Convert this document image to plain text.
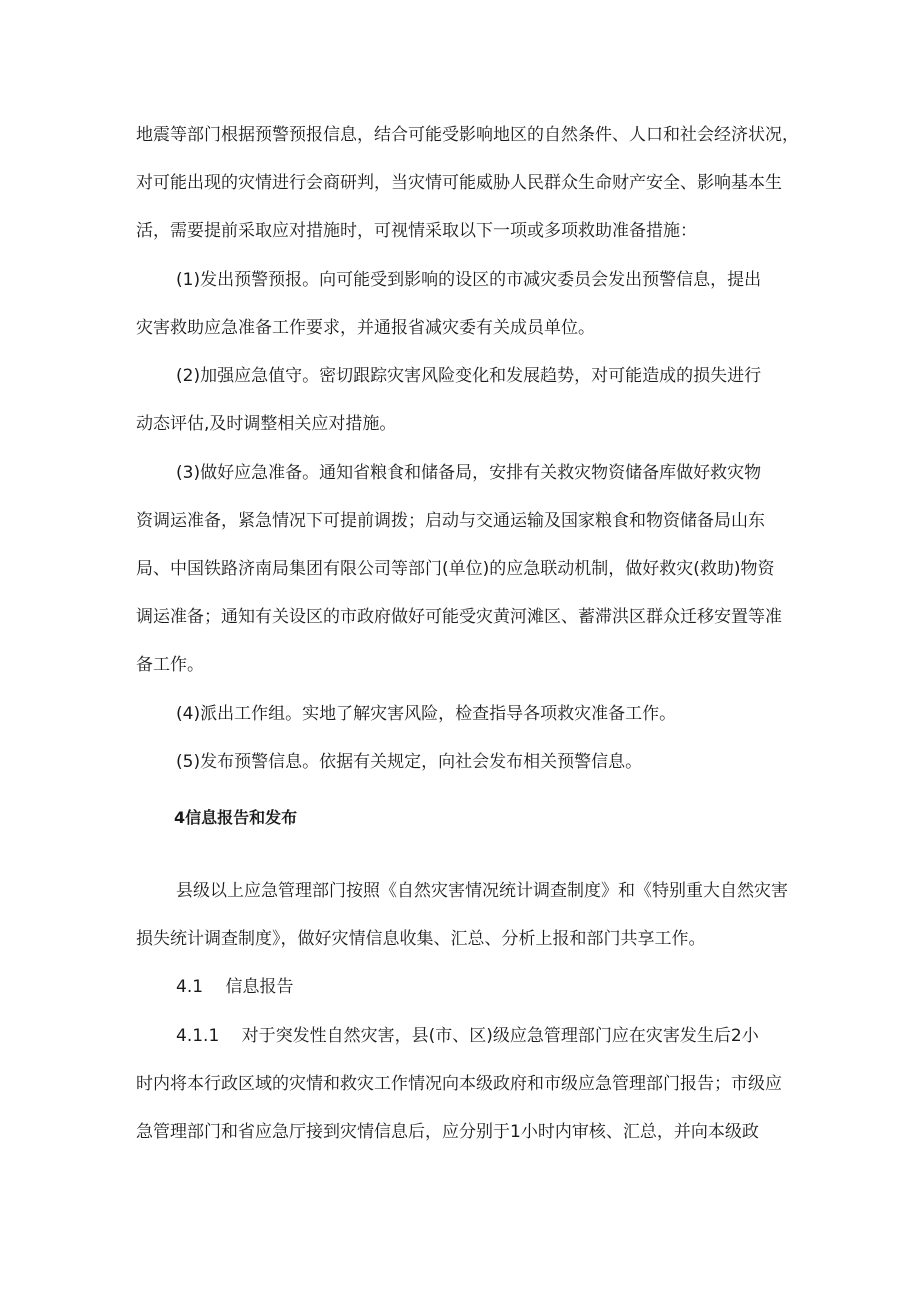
地震等部门根据预警预报信息，结合可能受影响地区的自然条件、人口和社会经济状况，

对可能出现的灾情进行会商研判，当灾情可能威胁人民群众生命财产安全、影响基本生

活，需要提前采取应对措施时，可视情采取以下一项或多项救助准备措施：

(1)发出预警预报。向可能受到影响的设区的市减灾委员会发出预警信息，提出

灾害救助应急准备工作要求，并通报省减灾委有关成员单位。

(2)加强应急值守。密切跟踪灾害风险变化和发展趋势，对可能造成的损失进行

动态评估,及时调整相关应对措施。

(3)做好应急准备。通知省粮食和储备局，安排有关救灾物资储备库做好救灾物

资调运准备，紧急情况下可提前调拨；启动与交通运输及国家粮食和物资储备局山东

局、中国铁路济南局集团有限公司等部门(单位)的应急联动机制，做好救灾(救助)物资

调运准备；通知有关设区的市政府做好可能受灾黄河滩区、蓄滞洪区群众迁移安置等准

备工作。

(4)派出工作组。实地了解灾害风险，检查指导各项救灾准备工作。

(5)发布预警信息。依据有关规定，向社会发布相关预警信息。

4信息报告和发布

县级以上应急管理部门按照《自然灾害情况统计调查制度》和《特别重大自然灾害

损失统计调查制度》，做好灾情信息收集、汇总、分析上报和部门共享工作。

4.1　 信息报告

4.1.1　 对于突发性自然灾害，县(市、区)级应急管理部门应在灾害发生后2小

时内将本行政区域的灾情和救灾工作情况向本级政府和市级应急管理部门报告；市级应

急管理部门和省应急厅接到灾情信息后，应分别于1小时内审核、汇总，并向本级政
